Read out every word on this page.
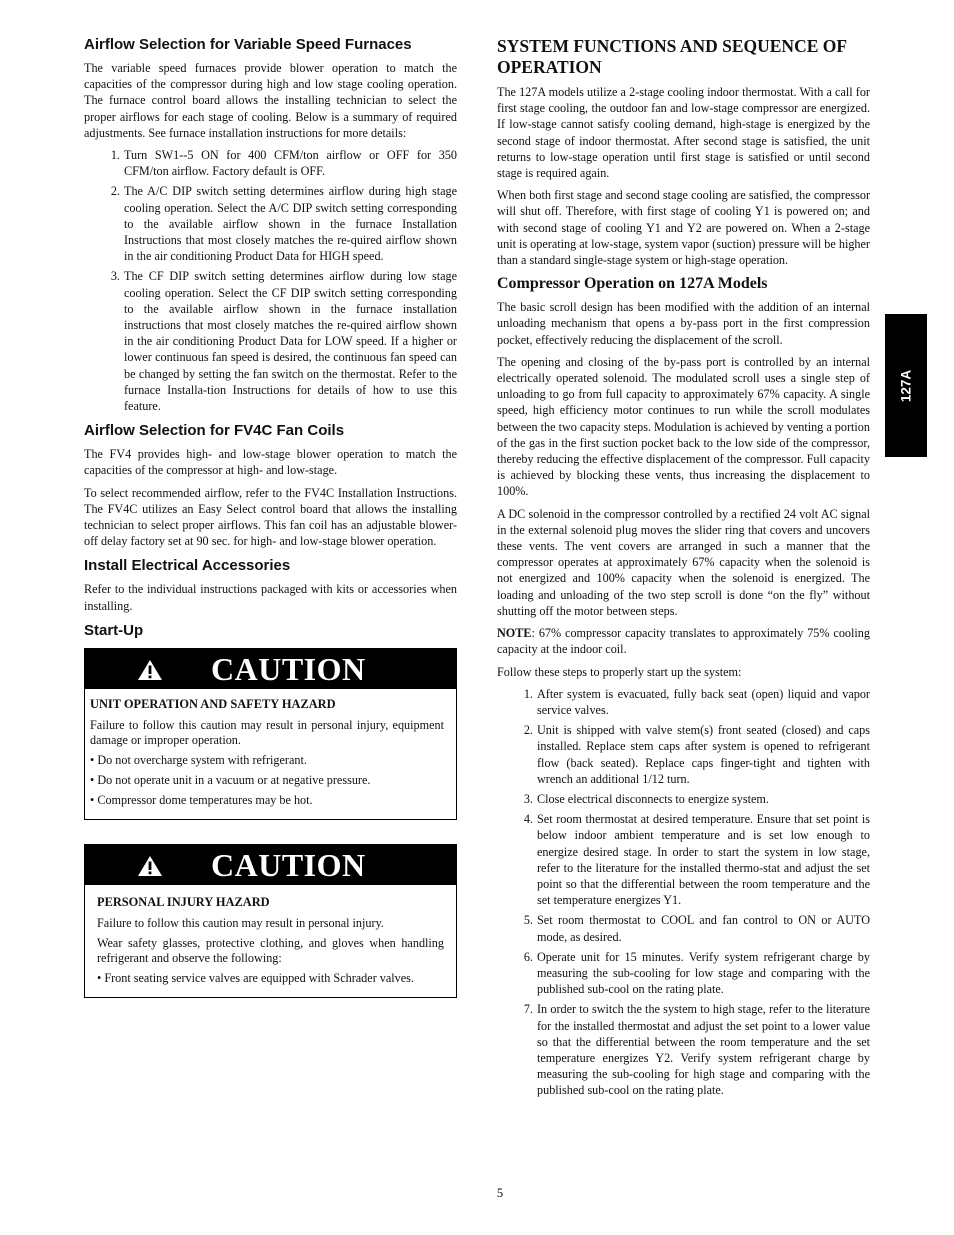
Airflow Selection for Variable Speed Furnaces

The variable speed furnaces provide blower operation to match the capacities of the compressor during high and low stage cooling operation. The furnace control board allows the installing technician to select the proper airflows for each stage of cooling. Below is a summary of required adjustments. See furnace installation instructions for more details:

1. Turn SW1--5 ON for 400 CFM/ton airflow or OFF for 350 CFM/ton airflow. Factory default is OFF.
2. The A/C DIP switch setting determines airflow during high stage cooling operation. Select the A/C DIP switch setting corresponding to the available airflow shown in the furnace Installation Instructions that most closely matches the re-quired airflow shown in the air conditioning Product Data for HIGH speed.
3. The CF DIP switch setting determines airflow during low stage cooling operation. Select the CF DIP switch setting corresponding to the available airflow shown in the furnace installation instructions that most closely matches the re-quired airflow shown in the air conditioning Product Data for LOW speed. If a higher or lower continuous fan speed is desired, the continuous fan speed can be changed by setting the fan switch on the thermostat. Refer to the furnace Installa-tion Instructions for details of how to use this feature.
Airflow Selection for FV4C Fan Coils

The FV4 provides high- and low-stage blower operation to match the capacities of the compressor at high- and low-stage.

To select recommended airflow, refer to the FV4C Installation Instructions. The FV4C utilizes an Easy Select control board that allows the installing technician to select proper airflows. This fan coil has an adjustable blower-off delay factory set at 90 sec. for high- and low-stage blower operation.

Install Electrical Accessories

Refer to the individual instructions packaged with kits or accessories when installing.

Start-Up
CAUTION
UNIT OPERATION AND SAFETY HAZARD

Failure to follow this caution may result in personal injury, equipment damage or improper operation.

• Do not overcharge system with refrigerant.
• Do not operate unit in a vacuum or at negative pressure.
• Compressor dome temperatures may be hot.
CAUTION
PERSONAL INJURY HAZARD

Failure to follow this caution may result in personal injury.

Wear safety glasses, protective clothing, and gloves when handling refrigerant and observe the following:

• Front seating service valves are equipped with Schrader valves.
SYSTEM FUNCTIONS AND SEQUENCE OF OPERATION

The 127A models utilize a 2-stage cooling indoor thermostat. With a call for first stage cooling, the outdoor fan and low-stage compressor are energized. If low-stage cannot satisfy cooling demand, high-stage is energized by the second stage of indoor thermostat. After second stage is satisfied, the unit returns to low-stage operation until first stage is satisfied or until second stage is required again.

When both first stage and second stage cooling are satisfied, the compressor will shut off. Therefore, with first stage of cooling Y1 is powered on; and with second stage of cooling Y1 and Y2 are powered on. When a 2-stage unit is operating at low-stage, system vapor (suction) pressure will be higher than a standard single-stage system or high-stage operation.

Compressor Operation on 127A Models

The basic scroll design has been modified with the addition of an internal unloading mechanism that opens a by-pass port in the first compression pocket, effectively reducing the displacement of the scroll.

The opening and closing of the by-pass port is controlled by an internal electrically operated solenoid. The modulated scroll uses a single step of unloading to go from full capacity to approximately 67% capacity. A single speed, high efficiency motor continues to run while the scroll modulates between the two capacity steps. Modulation is achieved by venting a portion of the gas in the first suction pocket back to the low side of the compressor, thereby reducing the effective displacement of the compressor. Full capacity is achieved by blocking these vents, thus increasing the displacement to 100%.

A DC solenoid in the compressor controlled by a rectified 24 volt AC signal in the external solenoid plug moves the slider ring that covers and uncovers these vents. The vent covers are arranged in such a manner that the compressor operates at approximately 67% capacity when the solenoid is not energized and 100% capacity when the solenoid is energized. The loading and unloading of the two step scroll is done “on the fly” without shutting off the motor between steps.

NOTE: 67% compressor capacity translates to approximately 75% cooling capacity at the indoor coil.

Follow these steps to properly start up the system:

1. After system is evacuated, fully back seat (open) liquid and vapor service valves.
2. Unit is shipped with valve stem(s) front seated (closed) and caps installed. Replace stem caps after system is opened to refrigerant flow (back seated). Replace caps finger-tight and tighten with wrench an additional 1/12 turn.
3. Close electrical disconnects to energize system.
4. Set room thermostat at desired temperature. Ensure that set point is below indoor ambient temperature and is set low enough to energize desired stage. In order to start the system in low stage, refer to the literature for the installed thermo-stat and adjust the set point so that the differential between the room temperature and the set temperature energizes Y1.
5. Set room thermostat to COOL and fan control to ON or AUTO mode, as desired.
6. Operate unit for 15 minutes. Verify system refrigerant charge by measuring the sub-cooling for low stage and comparing with the published sub-cool on the rating plate.
7. In order to switch the the system to high stage, refer to the literature for the installed thermostat and adjust the set point to a lower value so that the differential between the room temperature and the set temperature energizes Y2. Verify system refrigerant charge by measuring the sub-cooling for high stage and comparing with the published sub-cool on the rating plate.
127A
5
